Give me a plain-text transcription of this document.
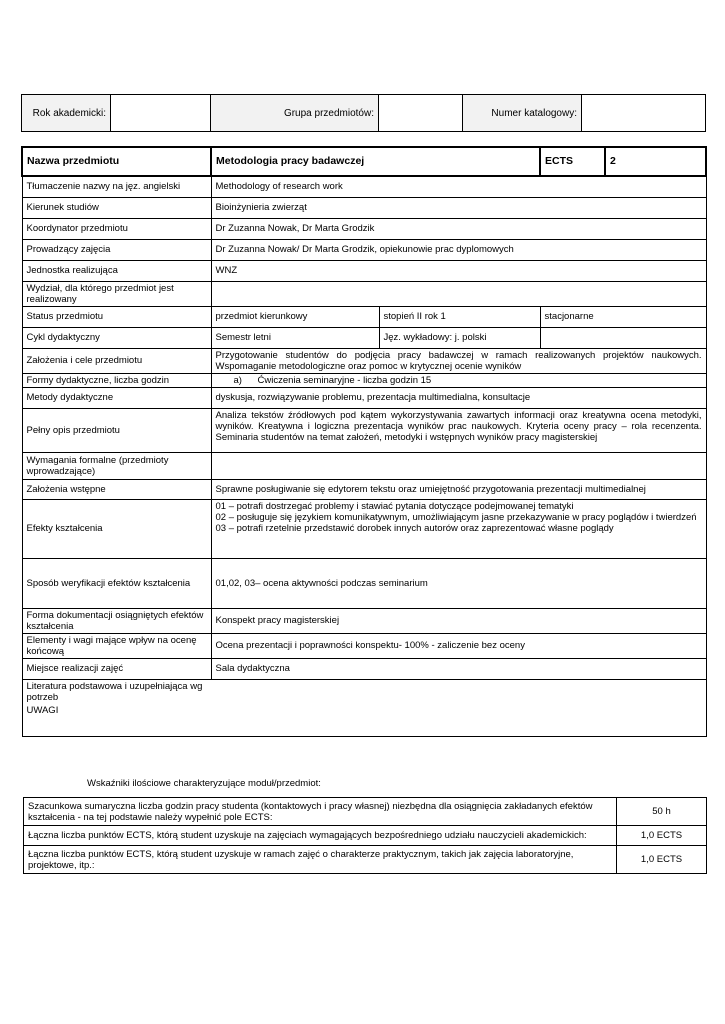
Rok akademicki:		Grupa przedmiotów:		Numer katalogowy:	
Nazwa przedmiotu	Metodologia pracy badawczej		ECTS	2
Tłumaczenie nazwy na jęz. angielski	Methodology of research work			
Kierunek studiów	Bioinżynieria zwierząt			
Koordynator przedmiotu	Dr Zuzanna Nowak, Dr Marta Grodzik			
Prowadzący zajęcia	Dr Zuzanna Nowak/ Dr Marta Grodzik, opiekunowie prac dyplomowych			
Jednostka realizująca	WNZ			
Wydział, dla którego przedmiot jest realizowany				
Status przedmiotu	przedmiot kierunkowy	stopień II rok 1	stacjonarne	
Cykl dydaktyczny	Semestr letni	Jęz. wykładowy: j. polski		
Założenia i cele przedmiotu	Przygotowanie studentów do podjęcia pracy badawczej w ramach realizowanych projektów naukowych. Wspomaganie metodologiczne oraz pomoc w krytycznej ocenie wyników			
Formy dydaktyczne, liczba godzin	a) Ćwiczenia seminaryjne - liczba godzin 15			
Metody dydaktyczne	dyskusja, rozwiązywanie problemu, prezentacja multimedialna, konsultacje			
Pełny opis przedmiotu	Analiza tekstów źródłowych pod kątem wykorzystywania zawartych informacji oraz kreatywna ocena metodyki, wyników. Kreatywna i logiczna prezentacja wyników prac naukowych. Kryteria oceny pracy – rola recenzenta. Seminaria studentów na temat założeń, metodyki i wstępnych wyników pracy magisterskiej			
Wymagania formalne (przedmioty wprowadzające)				
Założenia wstępne	Sprawne posługiwanie się edytorem tekstu oraz umiejętność przygotowania prezentacji multimedialnej			
Efekty kształcenia	01 – potrafi dostrzegać problemy i stawiać pytania dotyczące podejmowanej tematyki
02 – posługuje się językiem komunikatywnym, umożliwiającym jasne przekazywanie w pracy poglądów i twierdzeń
03 – potrafi rzetelnie przedstawić dorobek innych autorów oraz zaprezentować własne poglądy			

Sposób weryfikacji efektów kształcenia	01,02, 03– ocena aktywności podczas seminarium			
Forma dokumentacji osiągniętych efektów kształcenia	Konspekt pracy magisterskiej			
Elementy i wagi mające wpływ na ocenę końcową	Ocena prezentacji i poprawności konspektu- 100% - zaliczenie bez oceny			
Miejsce realizacji zajęć	Sala dydaktyczna			
Literatura podstawowa i uzupełniająca wg potrzeb				
UWAGI				
Wskaźniki ilościowe charakteryzujące moduł/przedmiot:
Szacunkowa sumaryczna liczba godzin pracy studenta (kontaktowych i pracy własnej) niezbędna dla osiągnięcia zakładanych efektów kształcenia - na tej podstawie należy wypełnić pole ECTS:	50 h
Łączna liczba punktów ECTS, którą student uzyskuje na zajęciach wymagających bezpośredniego udziału nauczycieli akademickich:	1,0 ECTS
Łączna liczba punktów ECTS, którą student uzyskuje w ramach zajęć o charakterze praktycznym, takich jak zajęcia laboratoryjne, projektowe, itp.:	1,0 ECTS
